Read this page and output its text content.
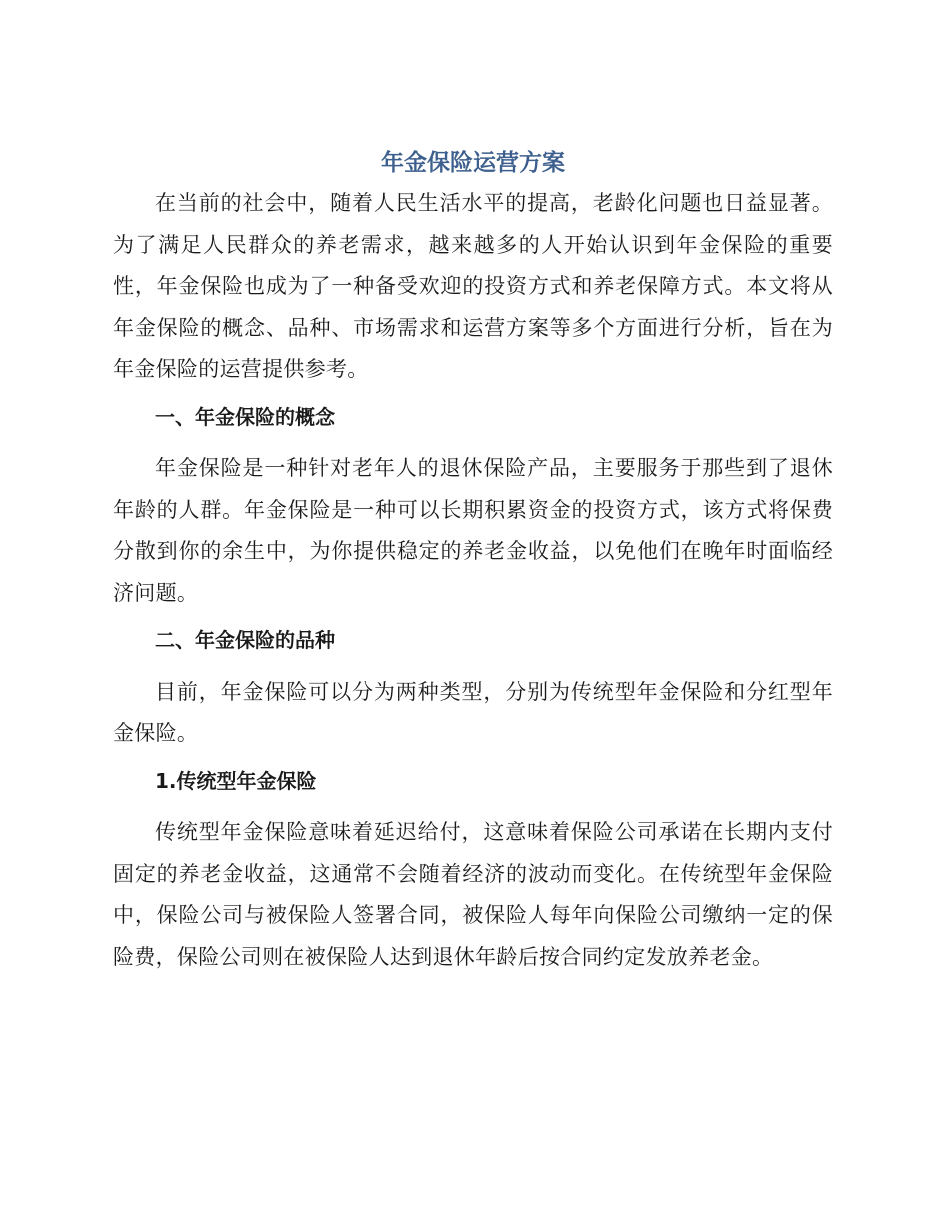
年金保险运营方案

在当前的社会中，随着人民生活水平的提高，老龄化问题也日益显著。为了满足人民群众的养老需求，越来越多的人开始认识到年金保险的重要性，年金保险也成为了一种备受欢迎的投资方式和养老保障方式。本文将从年金保险的概念、品种、市场需求和运营方案等多个方面进行分析，旨在为年金保险的运营提供参考。

一、年金保险的概念

年金保险是一种针对老年人的退休保险产品，主要服务于那些到了退休年龄的人群。年金保险是一种可以长期积累资金的投资方式，该方式将保费分散到你的余生中，为你提供稳定的养老金收益，以免他们在晚年时面临经济问题。

二、年金保险的品种

目前，年金保险可以分为两种类型，分别为传统型年金保险和分红型年金保险。

1.传统型年金保险

传统型年金保险意味着延迟给付，这意味着保险公司承诺在长期内支付固定的养老金收益，这通常不会随着经济的波动而变化。在传统型年金保险中，保险公司与被保险人签署合同，被保险人每年向保险公司缴纳一定的保险费，保险公司则在被保险人达到退休年龄后按合同约定发放养老金。
